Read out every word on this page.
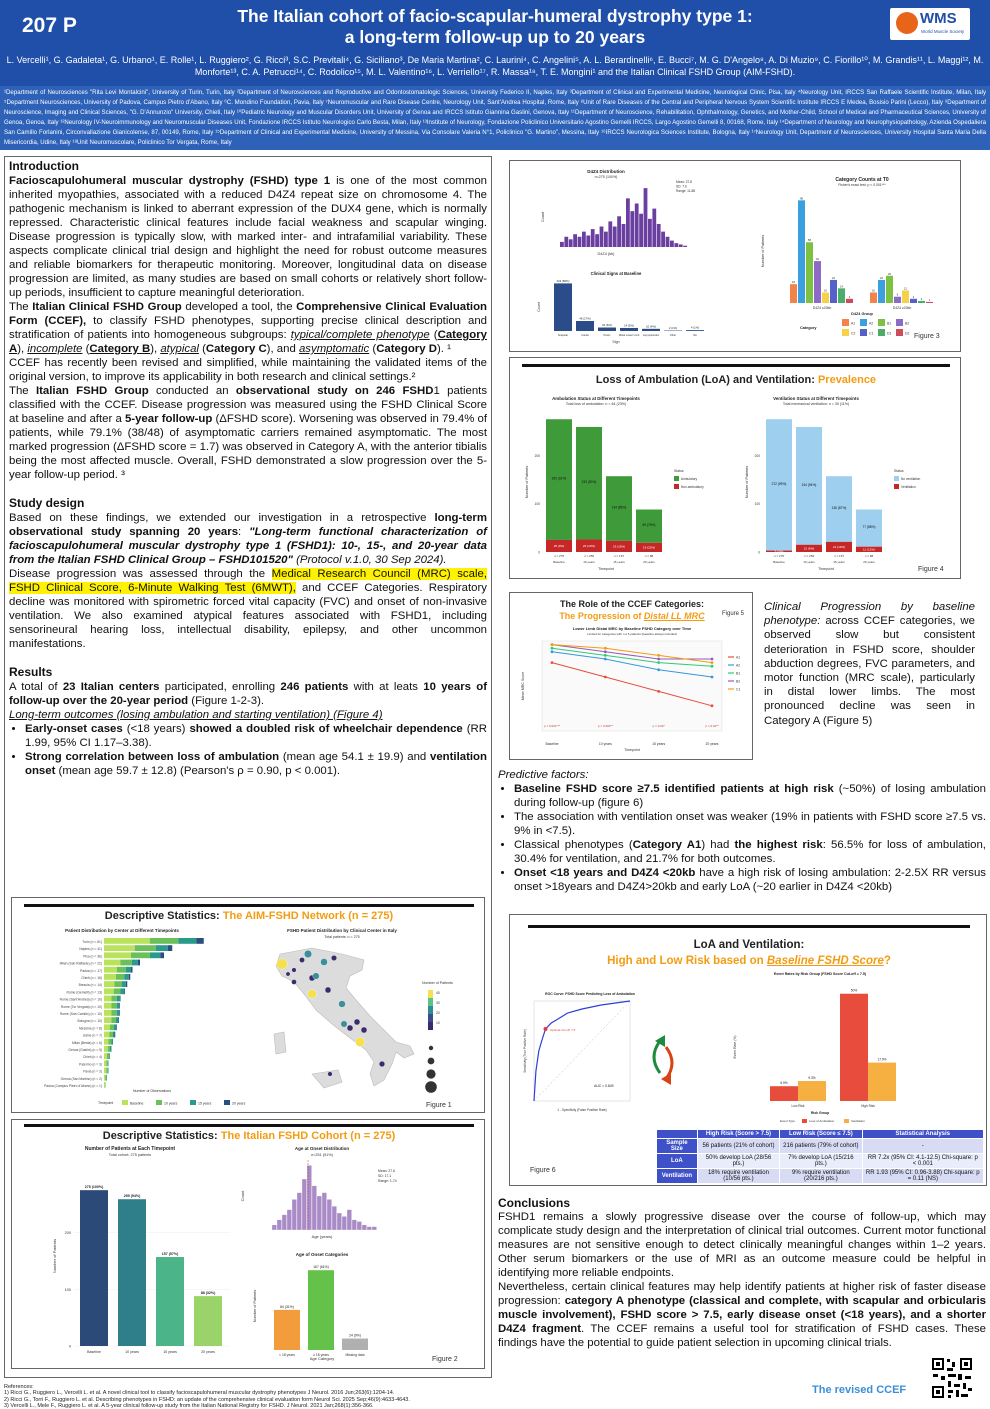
207 P	The Italian cohort of facio-scapular-humeral dystrophy type 1:
a long-term follow-up up to 20 years
WMS
World Muscle Society
L. Vercelli¹, G. Gadaleta¹, G. Urbano¹, E. Rolle¹, L. Ruggiero², G. Ricci³, S.C. Previtali⁴, G. Siciliano³, De Maria Martina², C. Laurini⁴, C. Angelini⁵, A. L. Berardinelli⁶, E. Bucci⁷, M. G. D'Angelo⁸, A. Di Muzio⁹, C. Fiorillo¹⁰, M. Grandis¹¹, L. Maggi¹², M. Monforte¹³, C. A. Petrucci¹⁴, C. Rodolico¹⁵, M. L. Valentino¹⁶, L. Verriello¹⁷, R. Massa¹⁸, T. E. Mongini¹ and the Italian Clinical FSHD Group (AIM-FSHD).
¹Department of Neurosciences "Rita Levi Montalcini", University of Turin, Turin, Italy ²Department of Neurosciences and Reproductive and Odontostomatologic Sciences, University Federico II, Naples, Italy ³Department of Clinical and Experimental Medicine, Neurological Clinic, Pisa, Italy ⁴Neurology Unit, IRCCS San Raffaele Scientific Institute, Milan, Italy ⁵Department Neurosciences, University of Padova, Campus Pietro d'Abano, Italy ⁶C. Mondino Foundation, Pavia, Italy ⁷Neuromuscular and Rare Disease Centre, Neurology Unit, Sant'Andrea Hospital, Rome, Italy ⁸Unit of Rare Diseases of the Central and Peripheral Nervous System Scientific Institute IRCCS E Medea, Bosisio Parini (Lecco), Italy ⁹Department of Neuroscience, Imaging and Clinical Sciences, "G. D'Annunzio" University, Chieti, Italy ¹⁰Pediatric Neurology and Muscular Disorders Unit, University of Genoa and IRCCS Istituto Giannina Gaslini, Genova, Italy ¹¹Department of Neuroscience, Rehabilitation, Ophthalmology, Genetics, and Mother-Child, School of Medical and Pharmaceutical Sciences, University of Genoa, Genoa, Italy ¹²Neurology IV-Neuroimmunology and Neuromuscular Diseases Unit, Fondazione IRCCS Istituto Neurologico Carlo Besta, Milan, Italy ¹³Institute of Neurology, Fondazione Policlinico Universitario Agostino Gemelli IRCCS, Largo Agostino Gemelli 8, 00168, Rome, Italy ¹⁴Department of Neurology and Neurophysiopathology, Azienda Ospedaliera San Camillo Forlanini, Circonvallazione Gianicolense, 87, 00149, Rome, Italy ¹⁵Department of Clinical and Experimental Medicine, University of Messina, Via Consolare Valeria N°1, Policlinico "G. Martino", Messina, Italy ¹⁶IRCCS Neurologica Sciences Institute, Bologna, Italy ¹⁷Neurology Unit, Department of Neurosciences, University Hospital Santa Maria Della Misericordia, Udine, Italy ¹⁸Unit Neuromuscolare, Policlinico Tor Vergata, Rome, Italy
Introduction

Facioscapulohumeral muscular dystrophy (FSHD) type 1 is one of the most common inherited myopathies, associated with a reduced D4Z4 repeat size on chromosome 4. The pathogenic mechanism is linked to aberrant expression of the DUX4 gene, which is normally repressed. Characteristic clinical features include facial weakness and scapular winging. Disease progression is typically slow, with marked inter- and intrafamilial variability. These aspects complicate clinical trial design and highlight the need for robust outcome measures and reliable biomarkers for therapeutic monitoring. Moreover, longitudinal data on disease progression are limited, as many studies are based on small cohorts or relatively short follow-up periods, insufficient to capture meaningful deterioration.

The Italian Clinical FSHD Group developed a tool, the Comprehensive Clinical Evaluation Form (CCEF), to classify FSHD phenotypes, supporting precise clinical description and stratification of patients into homogeneous subgroups: typical/complete phenotype (Category A), incomplete (Category B), atypical (Category C), and asymptomatic (Category D). ¹

CCEF has recently been revised and simplified, while maintaining the validated items of the original version, to improve its applicability in both research and clinical settings.²

The Italian FSHD Group conducted an observational study on 246 FSHD1 patients classified with the CCEF. Disease progression was measured using the FSHD Clinical Score at baseline and after a 5-year follow-up (ΔFSHD score). Worsening was observed in 79.4% of patients, while 79.1% (38/48) of asymptomatic carriers remained asymptomatic. The most marked progression (ΔFSHD score = 1.7) was observed in Category A, with the anterior tibialis being the most affected muscle. Overall, FSHD demonstrated a slow progression over the 5-year follow-up period. ³

Study design

Based on these findings, we extended our investigation in a retrospective long-term observational study spanning 20 years: "Long-term functional characterization of facioscapulohumeral muscular dystrophy type 1 (FSHD1): 10-, 15-, and 20-year data from the Italian FSHD Clinical Group – FSHD101520" (Protocol v.1.0, 30 Sep 2024).

Disease progression was assessed through the Medical Research Council (MRC) scale, FSHD Clinical Score, 6-Minute Walking Test (6MWT), and CCEF Categories. Respiratory decline was monitored with spirometric forced vital capacity (FVC) and onset of non-invasive ventilation. We also examined atypical features associated with FSHD1, including sensorineural hearing loss, intellectual disability, epilepsy, and other uncommon manifestations.

Results

A total of 23 Italian centers participated, enrolling 246 patients with at leats 10 years of follow-up over the 20-year period (Figure 1-2-3).

Long-term outcomes (losing ambulation and starting ventilation) (Figure 4)

• Early-onset cases (<18 years) showed a doubled risk of wheelchair dependence (RR 1.99, 95% CI 1.17–3.38).
• Strong correlation between loss of ambulation (mean age 54.1 ± 19.9) and ventilation onset (mean age 59.7 ± 12.8) (Pearson's ρ = 0.90, p < 0.001).
Descriptive Statistics: The AIM-FSHD Network (n = 275)
Patient Distribution by Center at Different Timepoints
Turin (n = 61)
Naples (n = 41)
Pisa (n = 36)
Milan (San Raffaele) (n = 22)
Padua (n = 17)
Chieti (n = 16)
Brescia (n = 14)
Rome (Gemelli) (n = 13)
Rome (Sant'Andrea) (n = 10)
Rome (Tor Vergata) (n = 10)
Rome (San Camillo) (n = 10)
Bologna (n = 10)
Messina (n = 8)
Udine (n = 7)
Milan (Besta) (n = 6)
Genoa (Gaslini) (n = 5)
Chieti (n = 4)
Palermo (n = 3)
Pavia (n = 3)
Genoa (San Martino) (n = 2)
Padua (Campus Pietro d'Abano) (n = 1)
Number of Observations
Timepoint	Baseline	10 years	15 years	20 years
FSHD Patient Distribution by Clinical Center in Italy
Total patients: n = 275
Number of Patients
40
30
20
10
Figure 1
Descriptive Statistics: The Italian FSHD Cohort (n = 275)
Number of Patients at Each Timepoint
Total cohort: 275 patients
0
100
200
Number of Patients
275 (100%)
Baseline
259 (94%)
10 years
157 (57%)
15 years
88 (32%)
20 years
Age at Onset Distribution
n=251 (91%)
Count
Age (years)
Mean: 27.6
SD: 17.1
Range: 1-74
Age of Onset Categories
84 (31%)
< 18 years
167 (61%)
≥ 18 years
24 (9%)
Missing data
Number of Patients
Age Category	Figure 2
D4Z4 Distribution
n=275 (100%)
D4Z4 (kb)
Count
Mean: 27.8
SD: 7.6
Range: 11-88
Clinical Signs at Baseline
219 (80%)
Scapular
46 (17%)
Facial
16 (6%)
Pelvic
14 (5%)
Distal Lower Limb
10 (4%)
Asymptomatic
2 (1%)
Other
4 (1%)
NA
Sign
Count
Category Counts at T0
Fisher's exact test: p < 0.001***
Number of Patients
18
98
58
40
10
22
14
4
10
22
26
6
12
4
2	1
D4Z4 ≤20kb	D4Z4 ≥20kb
D4Z4 Group
Category
A1	A2	B1	B2
C2	C1	D1	D2 Figure 3
Loss of Ambulation (LoA) and Ventilation: Prevalence
Ambulation Status at Different Timepoints
Total loss of ambulation: n = 64 (23%)
Number of Patients
0
100
200
250 (91%)
25 (9%)
n = 275
Baseline
233 (90%)
26 (10%)
n = 259
10 years
134 (85%)
23 (15%)
n = 157
15 years
69 (78%)
19 (22%)
n = 88
20 years
Timepoint
Status
Ambulatory
Non-ambulatory
Ventilation Status at Different Timepoints
Total mechanical ventilation: n = 30 (11%)
Number of Patients
0
100
200
272 (99%)
3 (1%)
n = 275
Baseline
244 (94%)
15 (6%)
n = 259
10 years
136 (87%)
21 (13%)
n = 157
15 years
77 (88%)
11 (12%)
n = 88
20 years
Timepoint
Status
No ventilation
Ventilation
Figure 4
The Role of the CCEF Categories:
The Progression of Distal LL MRC	Figure 5
Lower Limb Distal MRC by Baseline FSHD Category over Time
Limited for categories with n ≥ 5 patients (baseline always included)
Mean MRC Score
Baseline	10 years	15 years	20 years
Timepoint
p = 0.001***	p = 0.003**	p = 0.02*	p = 0.01**
A1
A2
B1
B2
C1
Clinical Progression by baseline phenotype: across CCEF categories, we observed slow but consistent deterioration in FSHD score, shoulder abduction degrees, FVC parameters, and motor function (MRC scale), particularly in distal lower limbs. The most pronounced decline was seen in Category A (Figure 5)
Predictive factors:
• Baseline FSHD score ≥7.5 identified patients at high risk (~50%) of losing ambulation during follow-up (figure 6)
• The association with ventilation onset was weaker (19% in patients with FSHD score ≥7.5 vs. 9% in <7.5).
• Classical phenotypes (Category A1) had the highest risk: 56.5% for loss of ambulation, 30.4% for ventilation, and 21.7% for both outcomes.
• Onset <18 years and D4Z4 <20kb have a high risk of losing ambulation: 2-2.5X RR versus onset >18years and D4Z4>20kb and early LoA (~20 earlier in D4Z4 <20kb)
LoA and Ventilation:
High and Low Risk based on Baseline FSHD Score?
ROC Curve: FSHD Score Predicting Loss of Ambulation
Optimal cut-off: 7.5
AUC = 0.849
1 - Specificity (False Positive Rate)
Sensitivity (True Positive Rate)
Event Rates by Risk Group (FSHD Score Cut-off = 7.5)
Event Rate (%)
6.9%
9.3%
Low Risk
50%
17.9%
High Risk
Risk Group
Event Type	Loss of Ambulation	Ventilation
	High Risk (Score > 7.5)	Low Risk (Score ≤ 7.5)	Statistical Analysis
Sample Size	56 patients (21% of cohort)	216 patients (79% of cohort)	-
LoA	50% develop LoA (28/56 pts.)	7% develop LoA (15/216 pts.)	RR 7.2x (95% CI: 4.1-12.5) Chi-square: p < 0.001
Ventilation	18% require ventilation (10/56 pts.)	9% require ventilation (20/216 pts.)	RR 1.93 (95% CI: 0.96-3.88) Chi-square: p = 0.11 (NS)
Figure 6
Conclusions

FSHD1 remains a slowly progressive disease over the course of follow-up, which may complicate study design and the interpretation of clinical trial outcomes. Current motor functional measures are not sensitive enough to detect clinically meaningful changes within 1–2 years. Other serum biomarkers or the use of MRI as an outcome measure could be helpful in identifying more reliable endpoints.

Nevertheless, certain clinical features may help identify patients at higher risk of faster disease progression: category A phenotype (classical and complete, with scapular and orbicularis muscle involvement), FSHD score > 7.5, early disease onset (<18 years), and a shorter D4Z4 fragment. The CCEF remains a useful tool for stratification of FSHD cases. These findings have the potential to guide patient selection in upcoming clinical trials.

The revised CCEF
References:
1) Ricci G., Ruggiero L., Vercelli L. et al. A novel clinical tool to classify facioscapulohumeral muscular dystrophy phenotypes J Neurol. 2016 Jun;263(6):1204-14.
2) Ricci G., Torri F., Ruggiero L. et al. Describing phenotypes in FSHD: an update of the comprehensive clinical evaluation form Neurol Sci. 2025 Sep;46(9):4633-4643.
3) Vercelli L., Mele F., Ruggiero L. et al. A 5-year clinical follow-up study from the Italian National Registry for FSHD. J Neurol. 2021 Jan;268(1):356-366.
